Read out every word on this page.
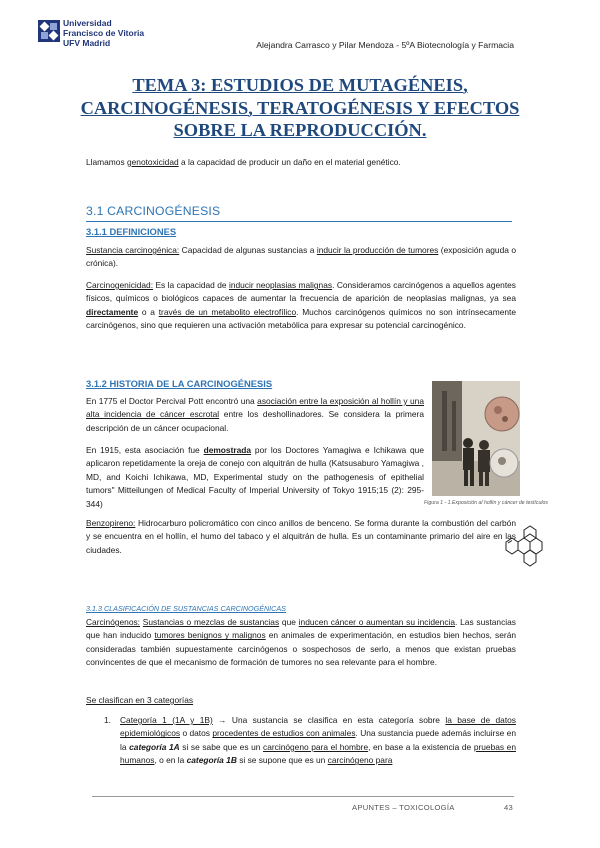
Universidad
Francisco de Vitoria
UFV Madrid	Alejandra Carrasco y Pilar Mendoza - 5ºA Biotecnología y Farmacia
TEMA 3: ESTUDIOS DE MUTAGÉNEIS,
CARCINOGÉNESIS, TERATOGÉNESIS Y EFECTOS
SOBRE LA REPRODUCCIÓN.
Llamamos genotoxicidad a la capacidad de producir un daño en el material genético.
3.1 CARCINOGÉNESIS
3.1.1 DEFINICIONES
Sustancia carcinogénica: Capacidad de algunas sustancias a inducir la producción de tumores (exposición aguda o crónica).
Carcinogenicidad: Es la capacidad de inducir neoplasias malignas. Consideramos carcinógenos a aquellos agentes físicos, químicos o biológicos capaces de aumentar la frecuencia de aparición de neoplasias malignas, ya sea directamente o a través de un metabolito electrofílico. Muchos carcinógenos químicos no son intrínsecamente carcinógenos, sino que requieren una activación metabólica para expresar su potencial carcinogénico.
3.1.2 HISTORIA DE LA CARCINOGÉNESIS
En 1775 el Doctor Percival Pott encontró una asociación entre la exposición al hollín y una alta incidencia de cáncer escrotal entre los deshollinadores. Se considera la primera descripción de un cáncer ocupacional.
En 1915, esta asociación fue demostrada por los Doctores Yamagiwa e Ichikawa que aplicaron repetidamente la oreja de conejo con alquitrán de hulla (Katsusaburo Yamagiwa , MD, and Koichi Ichikawa, MD, Experimental study on the pathogenesis of epithelial tumors" Mitteilungen of Medical Faculty of Imperial University of Tokyo 1915;15 (2): 295-344)
Benzopireno: Hidrocarburo policromático con cinco anillos de benceno. Se forma durante la combustión del carbón y se encuentra en el hollín, el humo del tabaco y el alquitrán de hulla. Es un contaminante primario del aire en las ciudades.
Figura 1 - 1.Exposición al hollín y cáncer de testículos
3.1.3 CLASIFICACIÓN DE SUSTANCIAS CARCINOGÉNICAS
Carcinógenos: Sustancias o mezclas de sustancias que inducen cáncer o aumentan su incidencia. Las sustancias que han inducido tumores benignos y malignos en animales de experimentación, en estudios bien hechos, serán consideradas también supuestamente carcinógenos o sospechosos de serlo, a menos que existan pruebas convincentes de que el mecanismo de formación de tumores no sea relevante para el hombre.
Se clasifican en 3 categorías
1. Categoría 1 (1A y 1B) → Una sustancia se clasifica en esta categoría sobre la base de datos epidemiológicos o datos procedentes de estudios con animales. Una sustancia puede además incluirse en la categoría 1A si se sabe que es un carcinógeno para el hombre, en base a la existencia de pruebas en humanos, o en la categoría 1B si se supone que es un carcinógeno para
APUNTES – TOXICOLOGÍA	43
